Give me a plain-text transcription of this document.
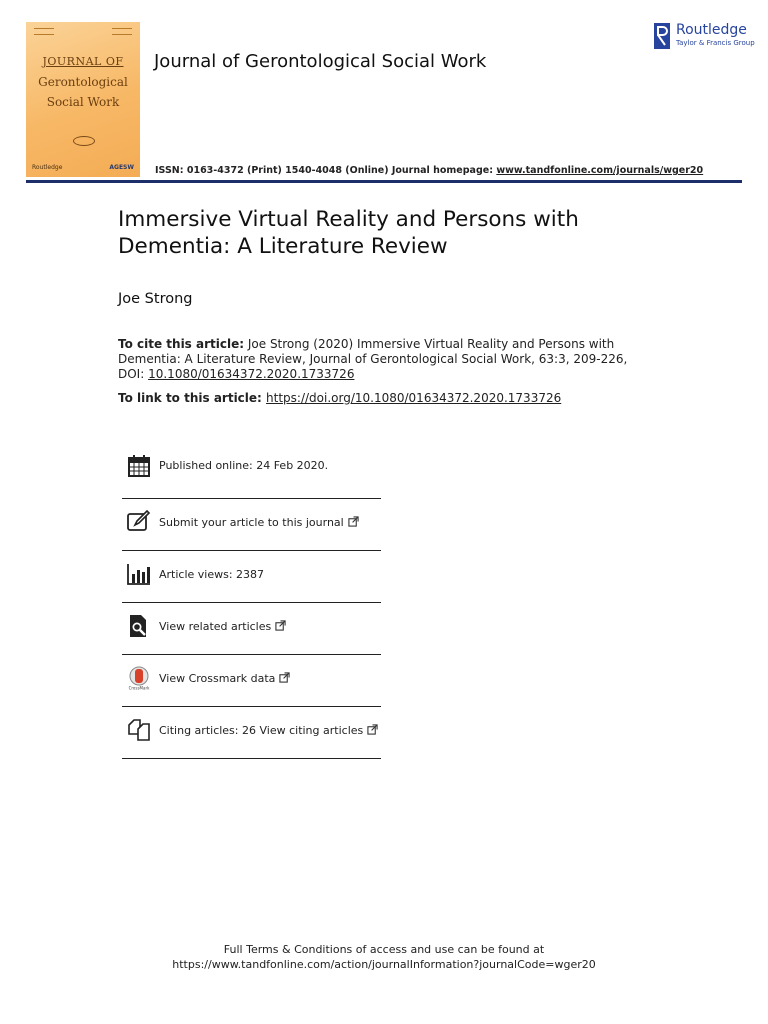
JOURNAL OF
Gerontological
Social Work
Routledge	AGESW
Journal of Gerontological Social Work
Routledge
Taylor & Francis Group
ISSN: 0163-4372 (Print) 1540-4048 (Online) Journal homepage: www.tandfonline.com/journals/wger20
Immersive Virtual Reality and Persons with Dementia: A Literature Review
Joe Strong
To cite this article: Joe Strong (2020) Immersive Virtual Reality and Persons with Dementia: A Literature Review, Journal of Gerontological Social Work, 63:3, 209-226, DOI: 10.1080/01634372.2020.1733726
To link to this article: https://doi.org/10.1080/01634372.2020.1733726
Published online: 24 Feb 2020.
Submit your article to this journal
Article views: 2387
View related articles
CrossMark
View Crossmark data
Citing articles: 26 View citing articles
Full Terms & Conditions of access and use can be found at
https://www.tandfonline.com/action/journalInformation?journalCode=wger20
